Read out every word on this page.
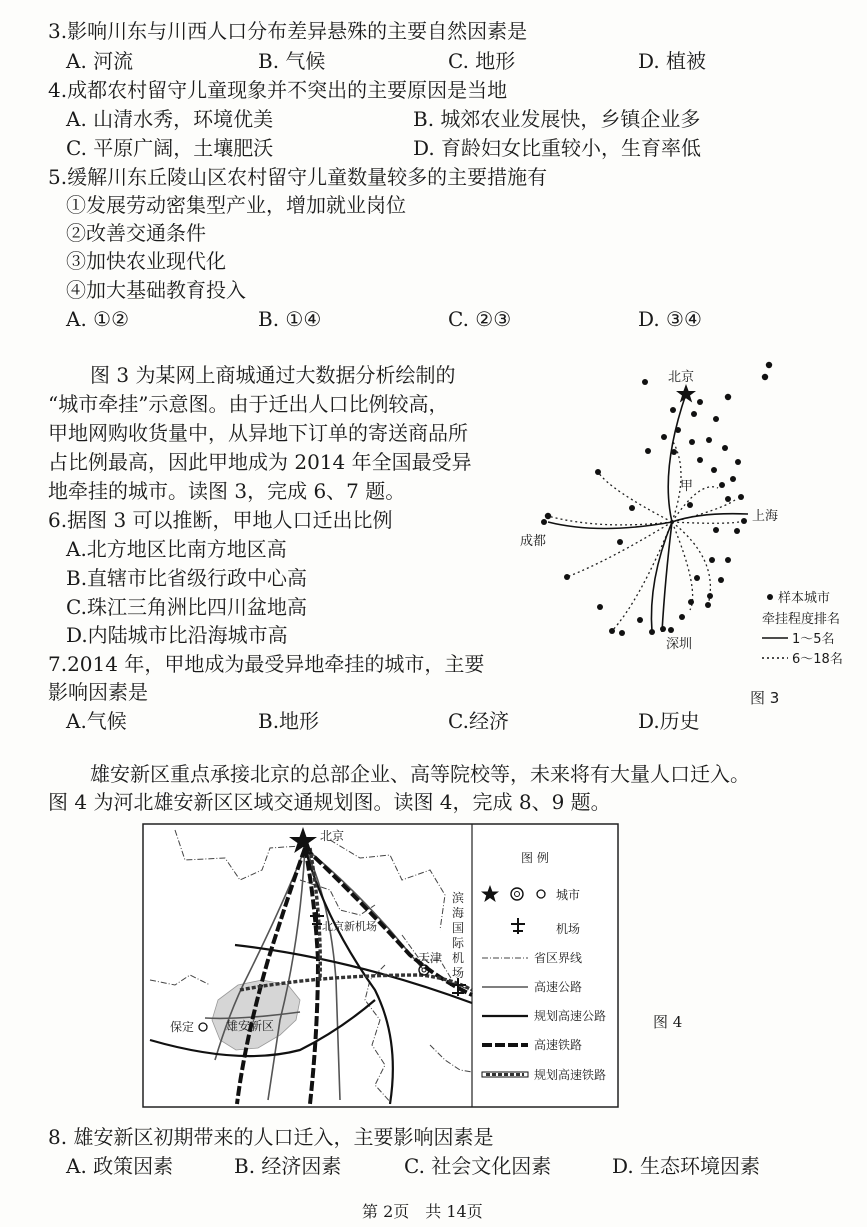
3.影响川东与川西人口分布差异悬殊的主要自然因素是
A. 河流	B. 气候	C. 地形	D. 植被
4.成都农村留守儿童现象并不突出的主要原因是当地
A. 山清水秀，环境优美	B. 城郊农业发展快，乡镇企业多
C. 平原广阔，土壤肥沃	D. 育龄妇女比重较小，生育率低
5.缓解川东丘陵山区农村留守儿童数量较多的主要措施有
①发展劳动密集型产业，增加就业岗位
②改善交通条件
③加快农业现代化
④加大基础教育投入
A. ①②	B. ①④	C. ②③	D. ③④
图 3 为某网上商城通过大数据分析绘制的
“城市牵挂”示意图。由于迁出人口比例较高，
甲地网购收货量中，从异地下订单的寄送商品所
占比例最高，因此甲地成为 2014 年全国最受异
地牵挂的城市。读图 3，完成 6、7 题。
6.据图 3 可以推断，甲地人口迁出比例
A.北方地区比南方地区高
B.直辖市比省级行政中心高
C.珠江三角洲比四川盆地高
D.内陆城市比沿海城市高
7.2014 年，甲地成为最受异地牵挂的城市，主要
影响因素是
A.气候	B.地形	C.经济	D.历史
北京
甲
上海
成都
深圳
样本城市
牵挂程度排名
1～5名
6～18名
图 3
雄安新区重点承接北京的总部企业、高等院校等，未来将有大量人口迁入。
图 4 为河北雄安新区区域交通规划图。读图 4，完成 8、9 题。
北京
北京新机场
天津
滨
海
国
际
机
场
保定	雄安新区
图 例
城市
机场
省区界线
高速公路
规划高速公路
高速铁路
规划高速铁路
图 4
8. 雄安新区初期带来的人口迁入，主要影响因素是
A. 政策因素	B. 经济因素	C. 社会文化因素	D. 生态环境因素
第 2页　共 14页
